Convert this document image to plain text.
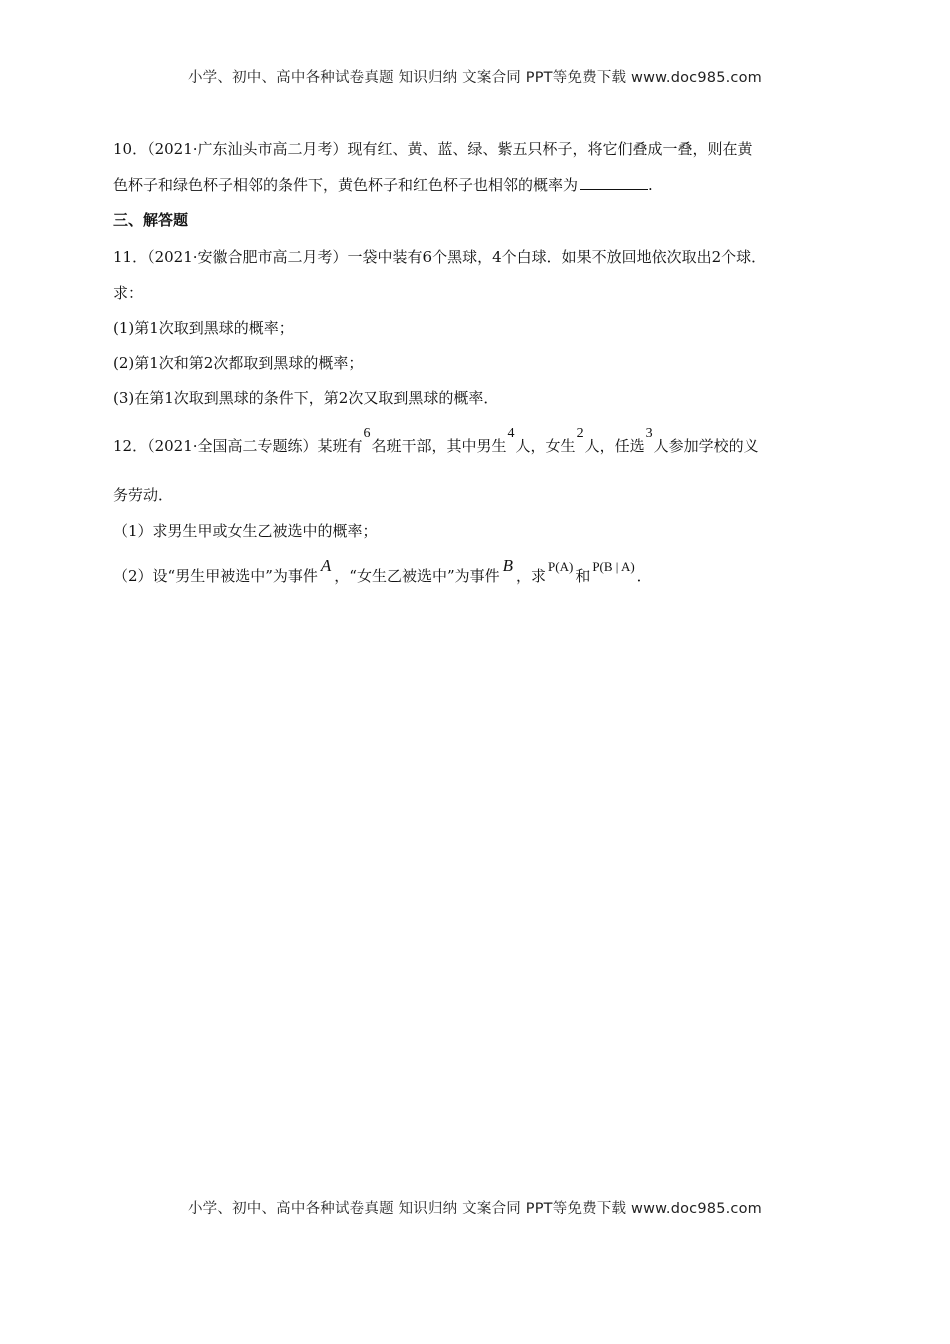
小学、初中、高中各种试卷真题 知识归纳 文案合同 PPT等免费下载 www.doc985.com
10．（2021·广东汕头市高二月考）现有红、黄、蓝、绿、紫五只杯子，将它们叠成一叠，则在黄
色杯子和绿色杯子相邻的条件下，黄色杯子和红色杯子也相邻的概率为	.
三、解答题
11．（2021·安徽合肥市高二月考）一袋中装有6个黑球，4个白球．如果不放回地依次取出2个球．
求：
(1)第1次取到黑球的概率；
(2)第1次和第2次都取到黑球的概率；
(3)在第1次取到黑球的条件下，第2次又取到黑球的概率．
12．（2021·全国高二专题练）某班有6名班干部，其中男生4人，女生2人，任选3人参加学校的义
务劳动．
（1）求男生甲或女生乙被选中的概率；
（2）设“男生甲被选中”为事件A，“女生乙被选中”为事件B，求P(A)和P(B | A)．
小学、初中、高中各种试卷真题 知识归纳 文案合同 PPT等免费下载 www.doc985.com
